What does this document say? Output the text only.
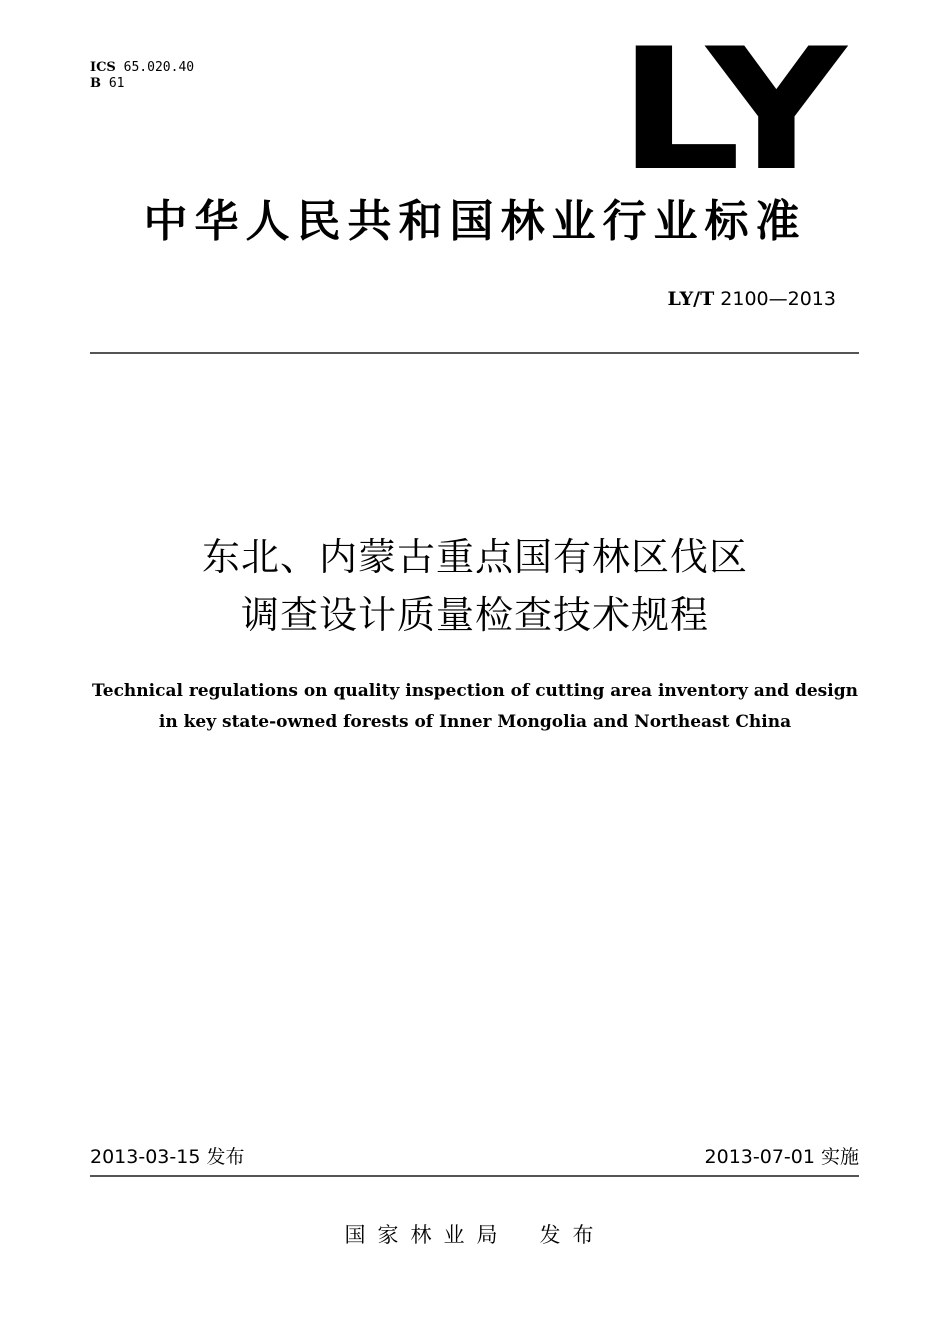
ICS 65.020.40
B 61	LY
中华人民共和国林业行业标准
LY/T 2100—2013
东北、内蒙古重点国有林区伐区
调查设计质量检查技术规程
Technical regulations on quality inspection of cutting area inventory and design
in key state-owned forests of Inner Mongolia and Northeast China
2013-03-15 发布	2013-07-01 实施
国家林业局 发布
